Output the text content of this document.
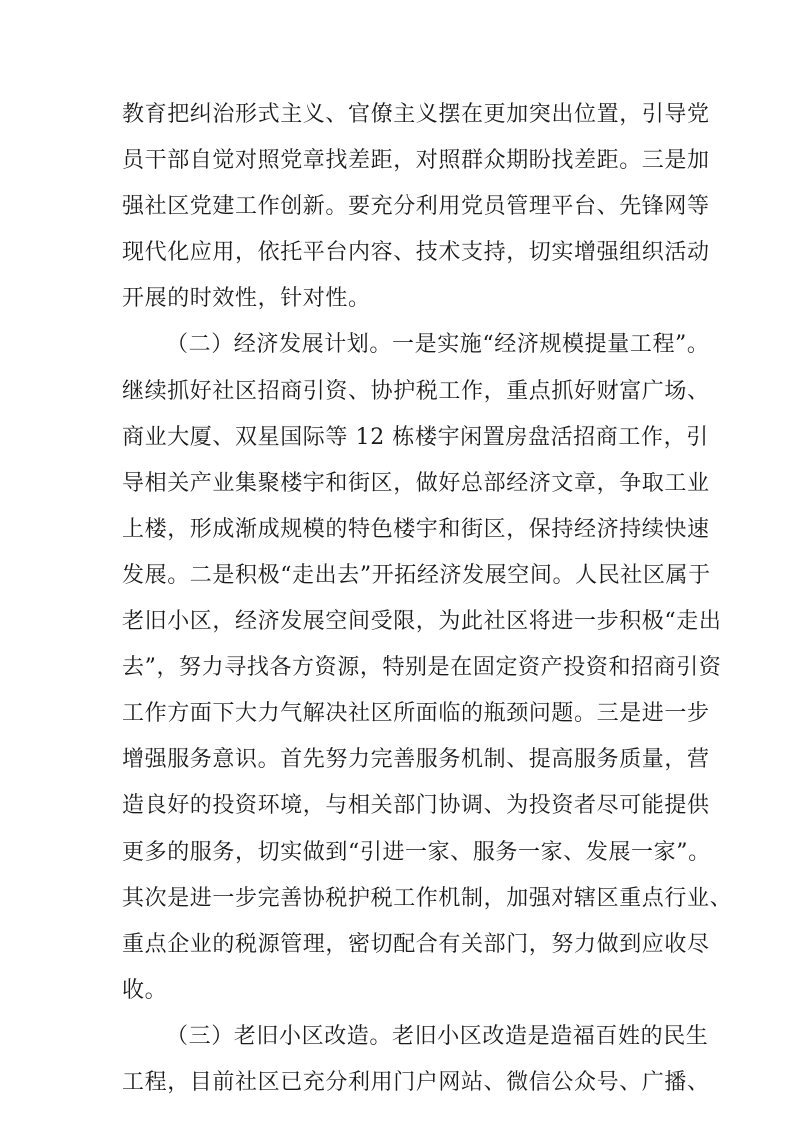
教育把纠治形式主义、官僚主义摆在更加突出位置，引导党
员干部自觉对照党章找差距，对照群众期盼找差距。三是加
强社区党建工作创新。要充分利用党员管理平台、先锋网等
现代化应用，依托平台内容、技术支持，切实增强组织活动
开展的时效性，针对性。
（二）经济发展计划。一是实施“经济规模提量工程”。
继续抓好社区招商引资、协护税工作，重点抓好财富广场、
商业大厦、双星国际等 12 栋楼宇闲置房盘活招商工作，引
导相关产业集聚楼宇和街区，做好总部经济文章，争取工业
上楼，形成渐成规模的特色楼宇和街区，保持经济持续快速
发展。二是积极“走出去”开拓经济发展空间。人民社区属于
老旧小区，经济发展空间受限，为此社区将进一步积极“走出
去”，努力寻找各方资源，特别是在固定资产投资和招商引资
工作方面下大力气解决社区所面临的瓶颈问题。三是进一步
增强服务意识。首先努力完善服务机制、提高服务质量，营
造良好的投资环境，与相关部门协调、为投资者尽可能提供
更多的服务，切实做到“引进一家、服务一家、发展一家”。
其次是进一步完善协税护税工作机制，加强对辖区重点行业、
重点企业的税源管理，密切配合有关部门，努力做到应收尽
收。
（三）老旧小区改造。老旧小区改造是造福百姓的民生
工程，目前社区已充分利用门户网站、微信公众号、广播、
